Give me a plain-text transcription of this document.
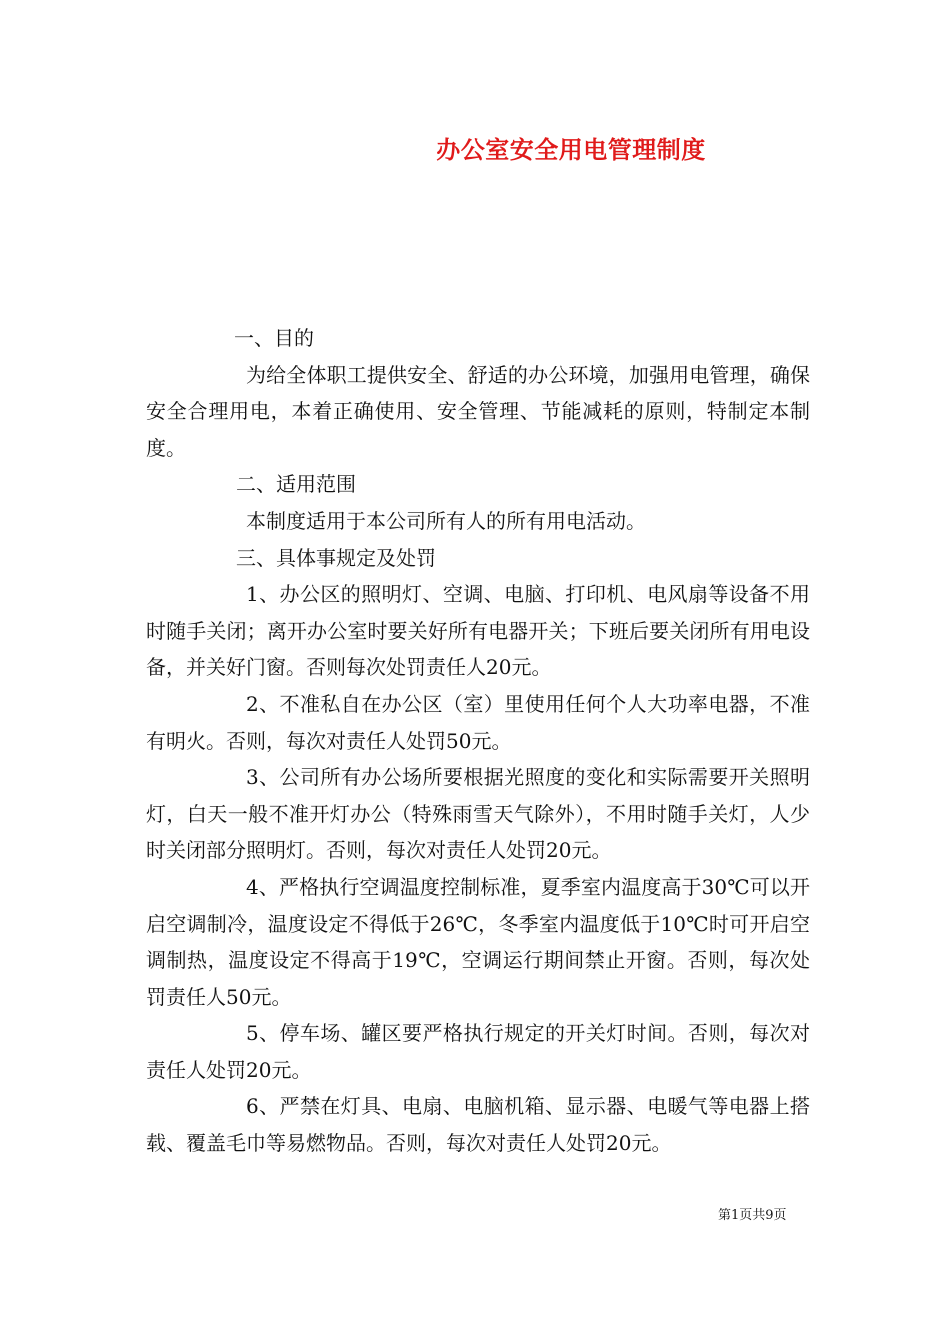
办公室安全用电管理制度

一、目的

为给全体职工提供安全、舒适的办公环境，加强用电管理，确保安全合理用电，本着正确使用、安全管理、节能减耗的原则，特制定本制度。

二、适用范围

本制度适用于本公司所有人的所有用电活动。

三、具体事规定及处罚

1、办公区的照明灯、空调、电脑、打印机、电风扇等设备不用时随手关闭；离开办公室时要关好所有电器开关；下班后要关闭所有用电设备，并关好门窗。否则每次处罚责任人20元。

2、不准私自在办公区（室）里使用任何个人大功率电器，不准有明火。否则，每次对责任人处罚50元。

3、公司所有办公场所要根据光照度的变化和实际需要开关照明灯，白天一般不准开灯办公（特殊雨雪天气除外），不用时随手关灯，人少时关闭部分照明灯。否则，每次对责任人处罚20元。

4、严格执行空调温度控制标准，夏季室内温度高于30℃可以开启空调制冷，温度设定不得低于26℃，冬季室内温度低于10℃时可开启空调制热，温度设定不得高于19℃，空调运行期间禁止开窗。否则，每次处罚责任人50元。

5、停车场、罐区要严格执行规定的开关灯时间。否则，每次对责任人处罚20元。

6、严禁在灯具、电扇、电脑机箱、显示器、电暖气等电器上搭载、覆盖毛巾等易燃物品。否则，每次对责任人处罚20元。

第1页共9页
